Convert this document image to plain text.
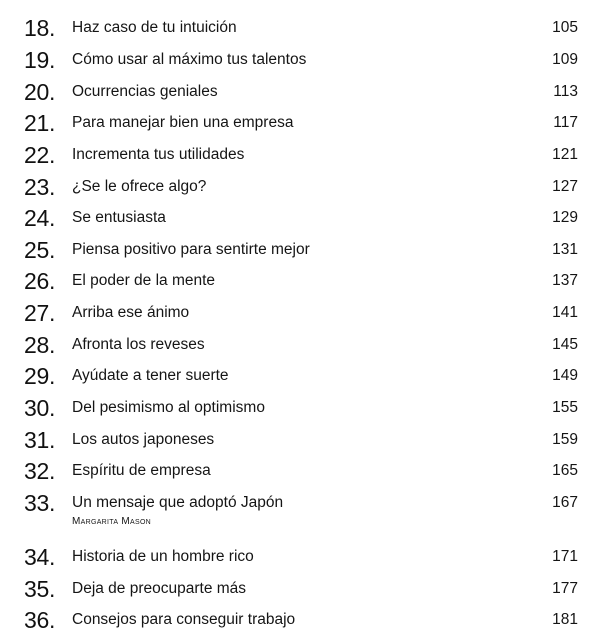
18. Haz caso de tu intuición	105
19. Cómo usar al máximo tus talentos	109
20. Ocurrencias geniales	113
21. Para manejar bien una empresa	117
22. Incrementa tus utilidades	121
23. ¿Se le ofrece algo?	127
24. Se entusiasta	129
25. Piensa positivo para sentirte mejor	131
26. El poder de la mente	137
27. Arriba ese ánimo	141
28. Afronta los reveses	145
29. Ayúdate a tener suerte	149
30. Del pesimismo al optimismo	155
31. Los autos japoneses	159
32. Espíritu de empresa	165
33. Un mensaje que adoptó Japón	167
Margarita Mason
34. Historia de un hombre rico	171
35. Deja de preocuparte más	177
36. Consejos para conseguir trabajo	181
